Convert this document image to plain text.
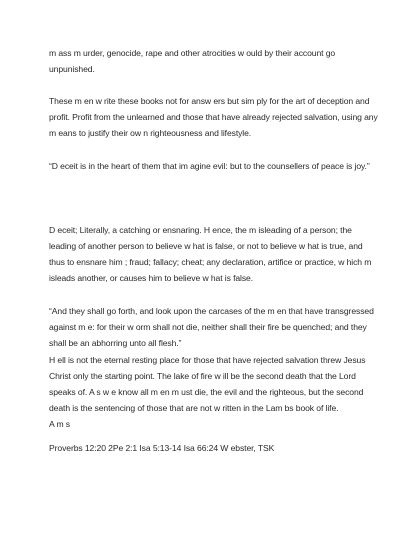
m ass m urder, genocide, rape and other atrocities w ould by their account go unpunished.

These m en w rite these books not for answ ers but sim ply for the art of deception and profit. Profit from the unlearned and those that have already rejected salvation, using any m eans to justify their ow n righteousness and lifestyle.

“D eceit is in the heart of them that im agine evil: but to the counsellers of peace is joy.”

D eceit; Literally, a catching or ensnaring. H ence, the m isleading of a person; the leading of another person to believe w hat is false, or not to believe w hat is true, and thus to ensnare him ; fraud; fallacy; cheat; any declaration, artifice or practice, w hich m isleads another, or causes him to believe w hat is false.

“And they shall go forth, and look upon the carcases of the m en that have transgressed against m e: for their w orm shall not die, neither shall their fire be quenched; and they shall be an abhorring unto all flesh.”

H ell is not the eternal resting place for those that have rejected salvation threw Jesus Christ only the starting point. The lake of fire w ill be the second death that the Lord speaks of. A s w e know all m en m ust die, the evil and the righteous, but the second death is the sentencing of those that are not w ritten in the Lam bs book of life.

A m s

Proverbs 12:20 2Pe 2:1 Isa 5:13-14 Isa 66:24 W ebster, TSK
